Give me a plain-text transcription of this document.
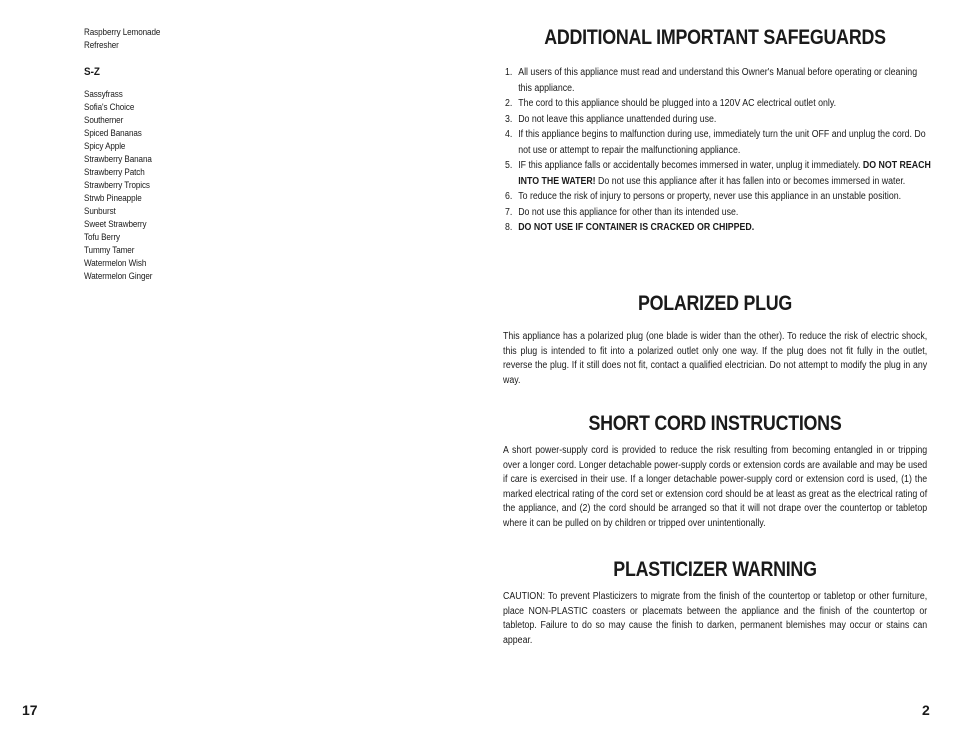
Raspberry Lemonade
Refresher
S-Z
Sassyfrass
Sofia's Choice
Southerner
Spiced Bananas
Spicy Apple
Strawberry Banana
Strawberry Patch
Strawberry Tropics
Strwb Pineapple
Sunburst
Sweet Strawberry
Tofu Berry
Tummy Tamer
Watermelon Wish
Watermelon Ginger
ADDITIONAL IMPORTANT SAFEGUARDS
1. All users of this appliance must read and understand this Owner's Manual before operating or cleaning this appliance.
2. The cord to this appliance should be plugged into a 120V AC electrical outlet only.
3. Do not leave this appliance unattended during use.
4. If this appliance begins to malfunction during use, immediately turn the unit OFF and unplug the cord. Do not use or attempt to repair the malfunctioning appliance.
5. IF this appliance falls or accidentally becomes immersed in water, unplug it immediately. DO NOT REACH INTO THE WATER! Do not use this appliance after it has fallen into or becomes immersed in water.
6. To reduce the risk of injury to persons or property, never use this appliance in an unstable position.
7. Do not use this appliance for other than its intended use.
8. DO NOT USE IF CONTAINER IS CRACKED OR CHIPPED.
POLARIZED PLUG
This appliance has a polarized plug (one blade is wider than the other). To reduce the risk of electric shock, this plug is intended to fit into a polarized outlet only one way. If the plug does not fit fully in the outlet, reverse the plug. If it still does not fit, contact a qualified electrician. Do not attempt to modify the plug in any way.
SHORT CORD INSTRUCTIONS
A short power-supply cord is provided to reduce the risk resulting from becoming entangled in or tripping over a longer cord. Longer detachable power-supply cords or extension cords are available and may be used if care is exercised in their use. If a longer detachable power-supply cord or extension cord is used, (1) the marked electrical rating of the cord set or extension cord should be at least as great as the electrical rating of the appliance, and (2) the cord should be arranged so that it will not drape over the countertop or tabletop where it can be pulled on by children or tripped over unintentionally.
PLASTICIZER WARNING
CAUTION: To prevent Plasticizers to migrate from the finish of the countertop or tabletop or other furniture, place NON-PLASTIC coasters or placemats between the appliance and the finish of the countertop or tabletop. Failure to do so may cause the finish to darken, permanent blemishes may occur or stains can appear.
17	2
